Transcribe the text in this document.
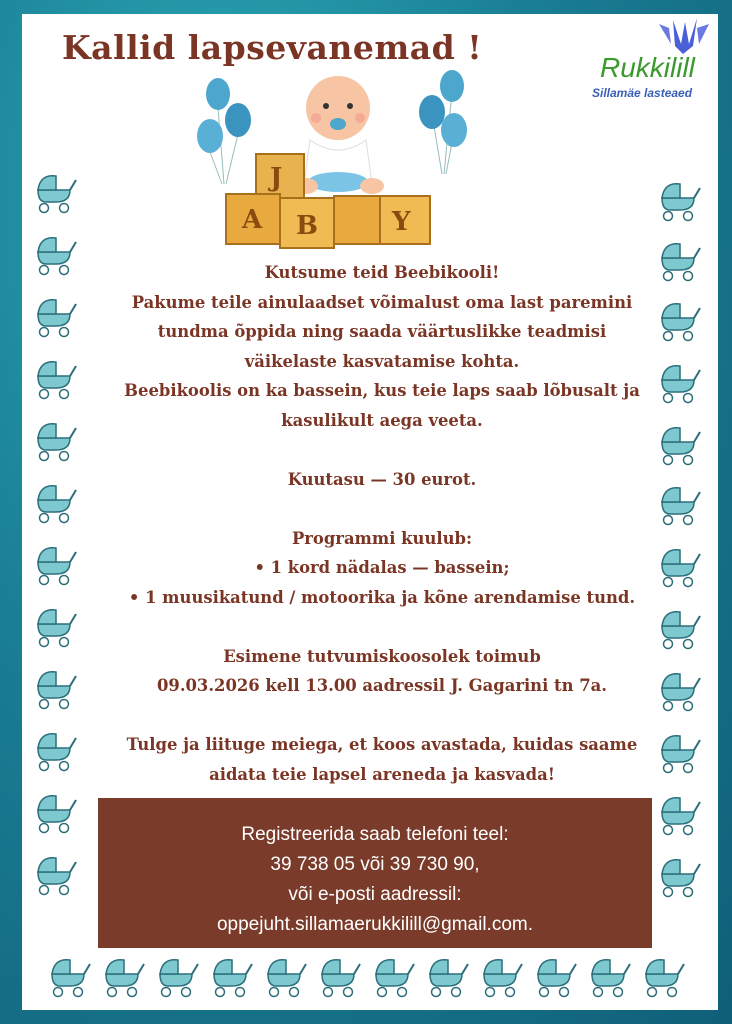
Kallid lapsevanemad !
Rukkilill
Sillamäe lasteaed
J
A B	Y

Kutsume teid Beebikooli!

Pakume teile ainulaadset võimalust oma last paremini

tundma õppida ning saada väärtuslikke teadmisi

väikelaste kasvatamise kohta.

Beebikoolis on ka bassein, kus teie laps saab lõbusalt ja

kasulikult aega veeta.

Kuutasu — 30 eurot.

Programmi kuulub:

• 1 kord nädalas — bassein;

• 1 muusikatund / motoorika ja kõne arendamise tund.

Esimene tutvumiskoosolek toimub

09.03.2026 kell 13.00 aadressil J. Gagarini tn 7a.

Tulge ja liituge meiega, et koos avastada, kuidas saame

aidata teie lapsel areneda ja kasvada!

Registreerida saab telefoni teel:

39 738 05 või 39 730 90,

või e-posti aadressil:

oppejuht.sillamaerukkilill@gmail.com.
